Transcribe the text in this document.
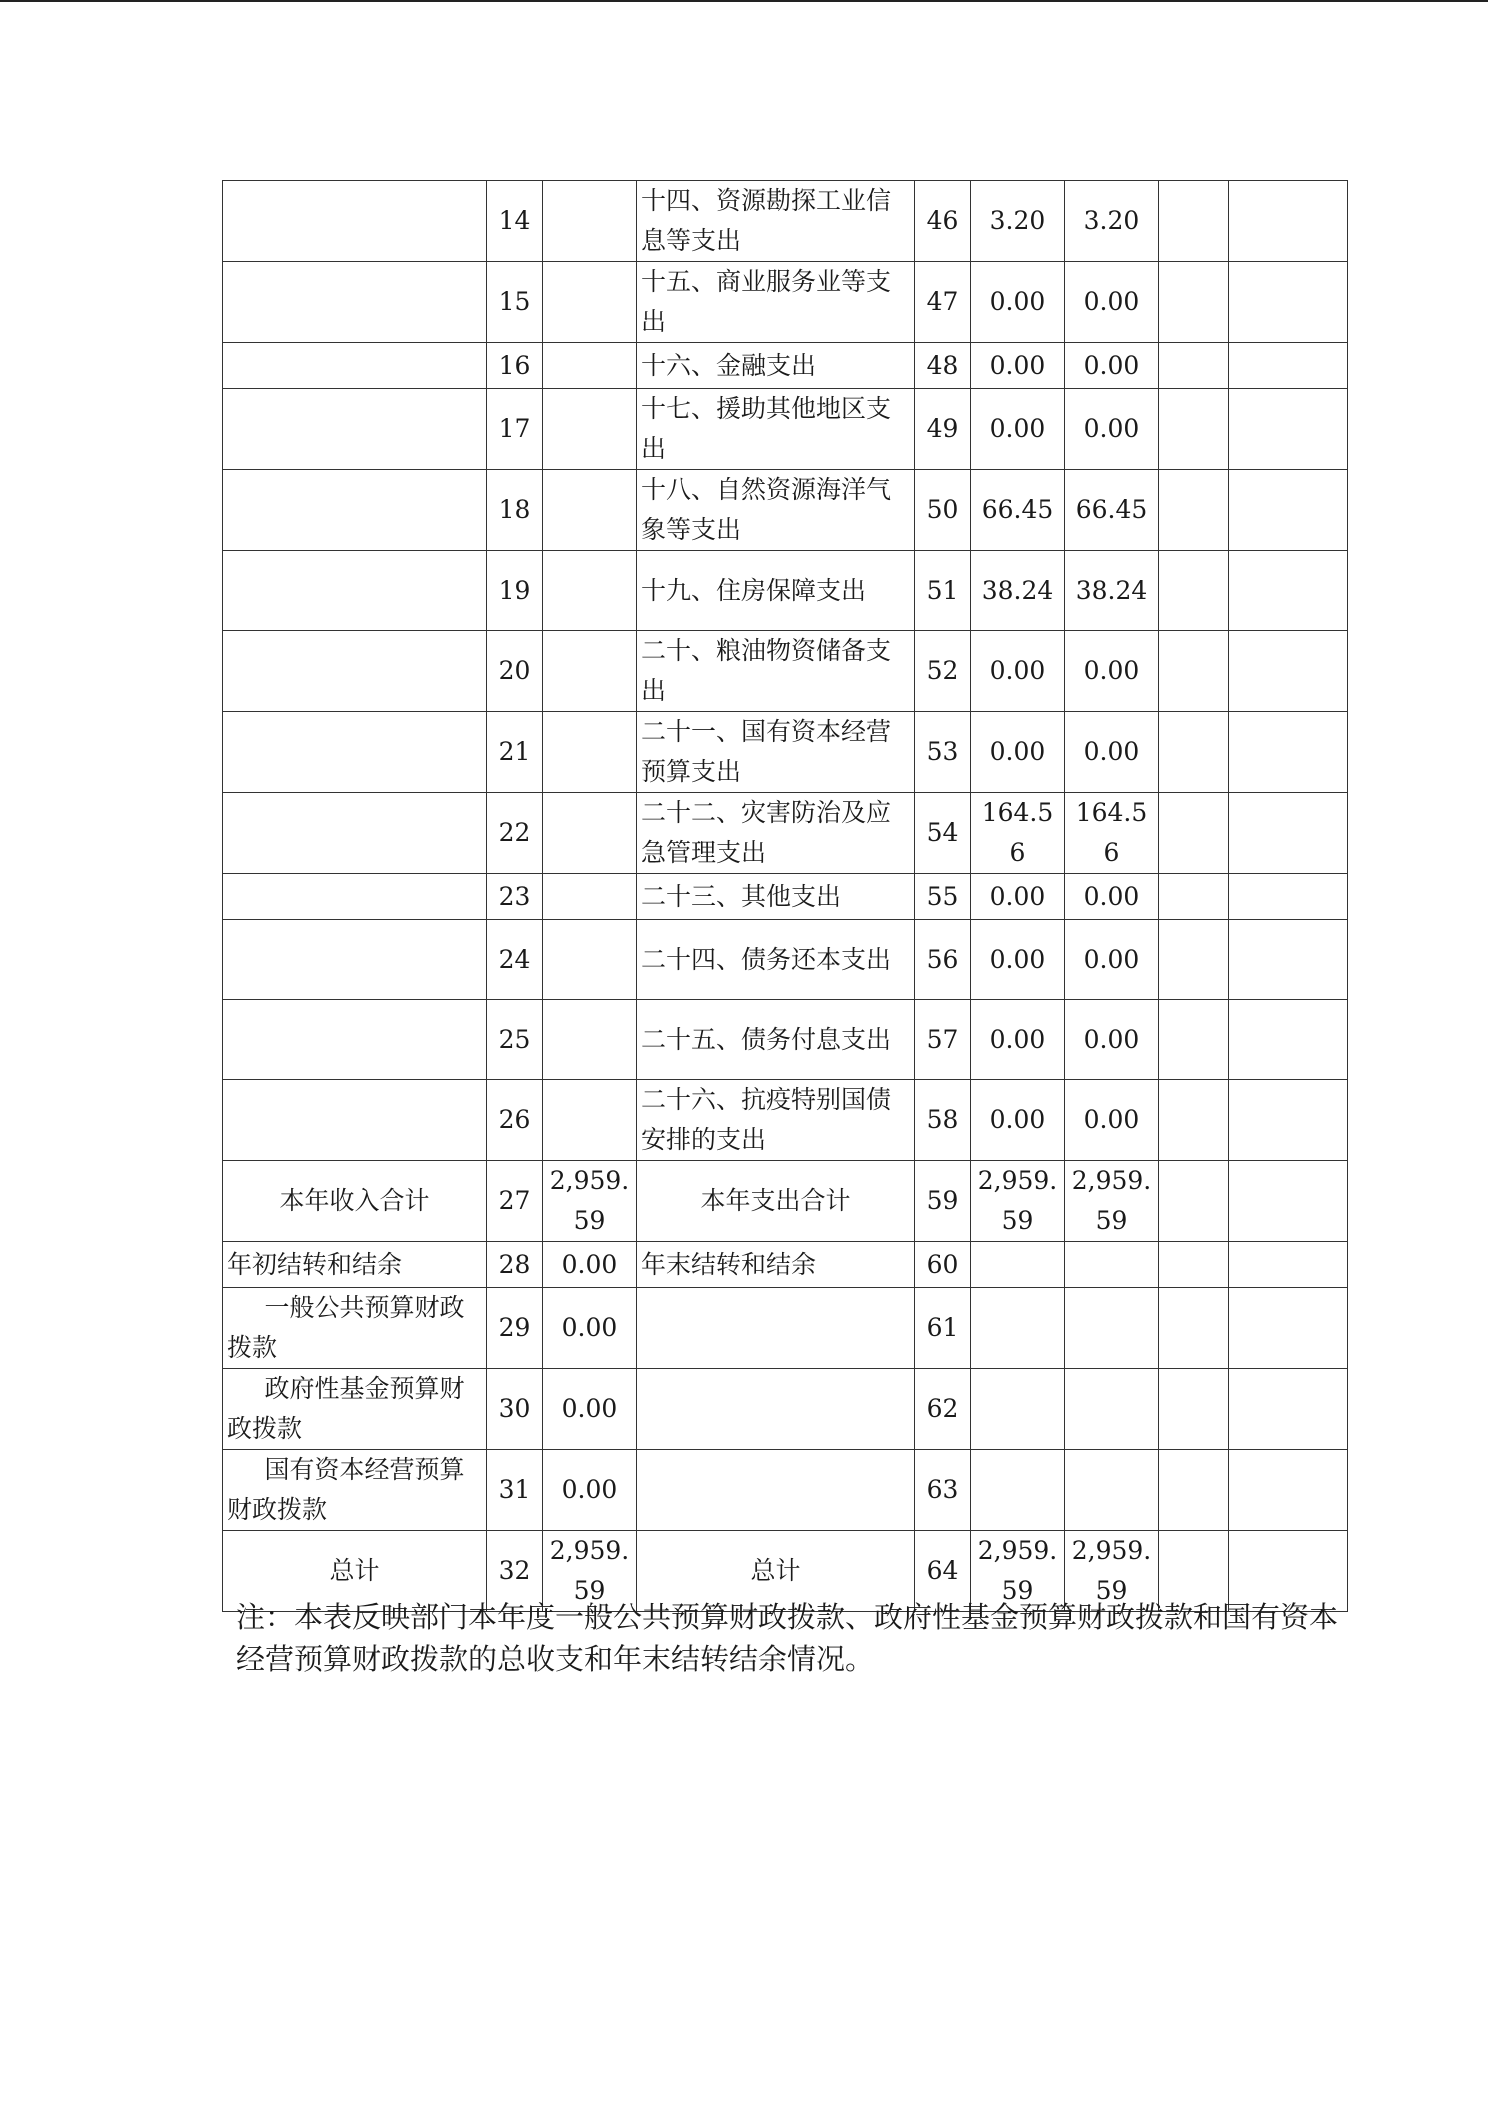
	14		十四、资源勘探工业信息等支出	46	3.20	3.20		
	15		十五、商业服务业等支出	47	0.00	0.00		
	16		十六、金融支出	48	0.00	0.00		
	17		十七、援助其他地区支出	49	0.00	0.00		
	18		十八、自然资源海洋气象等支出	50	66.45	66.45		
	19		十九、住房保障支出	51	38.24	38.24		
	20		二十、粮油物资储备支出	52	0.00	0.00		
	21		二十一、国有资本经营预算支出	53	0.00	0.00		
	22		二十二、灾害防治及应急管理支出	54	164.56	164.56		
	23		二十三、其他支出	55	0.00	0.00		
	24		二十四、债务还本支出	56	0.00	0.00		
	25		二十五、债务付息支出	57	0.00	0.00		
	26		二十六、抗疫特别国债安排的支出	58	0.00	0.00		
本年收入合计	27	2,959.59	本年支出合计	59	2,959.59	2,959.59		
年初结转和结余	28	0.00	年末结转和结余	60				
一般公共预算财政拨款	29	0.00		61				
政府性基金预算财政拨款	30	0.00		62				
国有资本经营预算财政拨款	31	0.00		63				
总计	32	2,959.59	总计	64	2,959.59	2,959.59		

注：本表反映部门本年度一般公共预算财政拨款、政府性基金预算财政拨款和国有资本经营预算财政拨款的总收支和年末结转结余情况。
